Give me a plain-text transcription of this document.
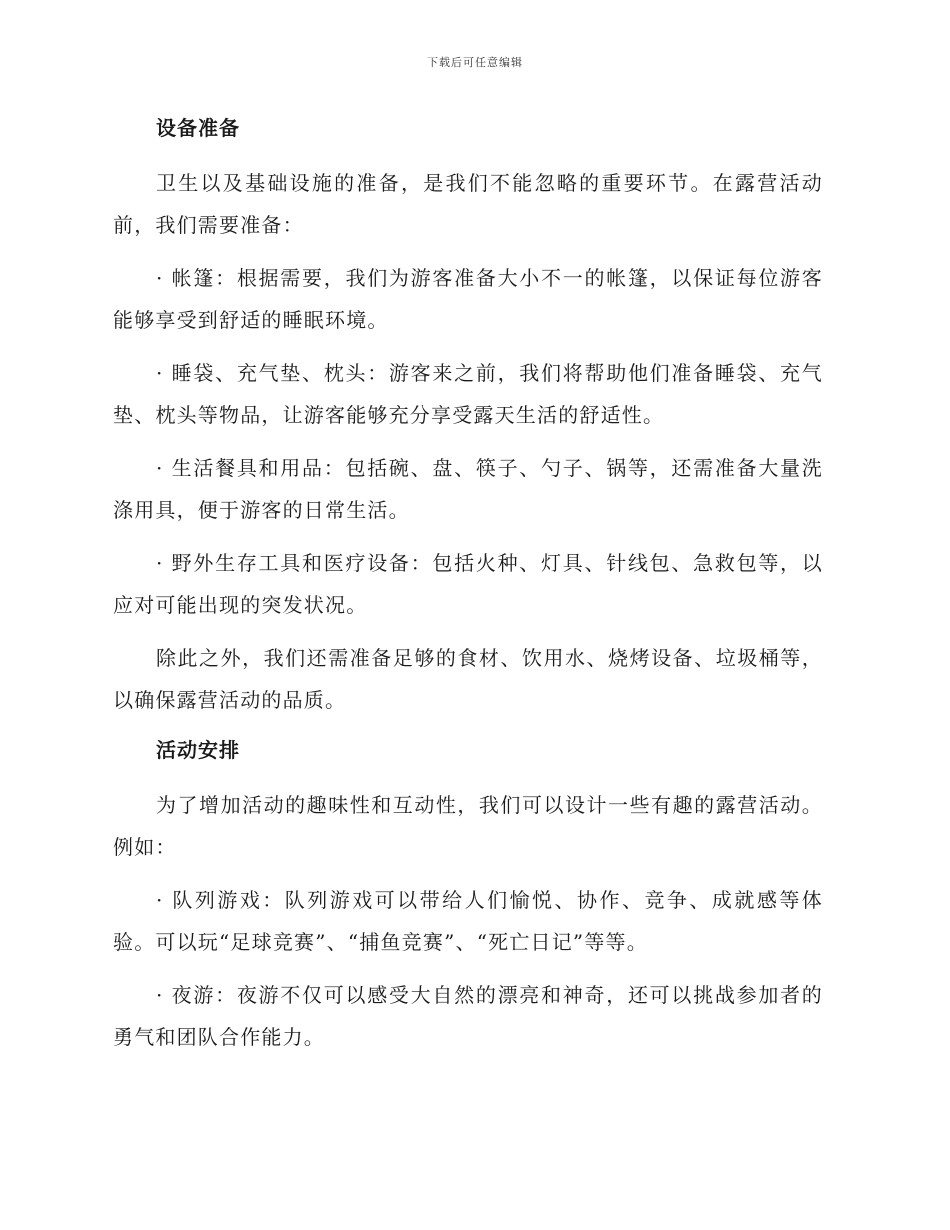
下载后可任意编辑
设备准备

卫生以及基础设施的准备，是我们不能忽略的重要环节。在露营活动前，我们需要准备：

· 帐篷：根据需要，我们为游客准备大小不一的帐篷，以保证每位游客能够享受到舒适的睡眠环境。

· 睡袋、充气垫、枕头：游客来之前，我们将帮助他们准备睡袋、充气垫、枕头等物品，让游客能够充分享受露天生活的舒适性。

· 生活餐具和用品：包括碗、盘、筷子、勺子、锅等，还需准备大量洗涤用具，便于游客的日常生活。

· 野外生存工具和医疗设备：包括火种、灯具、针线包、急救包等，以应对可能出现的突发状况。

除此之外，我们还需准备足够的食材、饮用水、烧烤设备、垃圾桶等，以确保露营活动的品质。

活动安排

为了增加活动的趣味性和互动性，我们可以设计一些有趣的露营活动。例如：

· 队列游戏：队列游戏可以带给人们愉悦、协作、竞争、成就感等体验。可以玩“足球竞赛”、“捕鱼竞赛”、“死亡日记”等等。

· 夜游：夜游不仅可以感受大自然的漂亮和神奇，还可以挑战参加者的勇气和团队合作能力。
